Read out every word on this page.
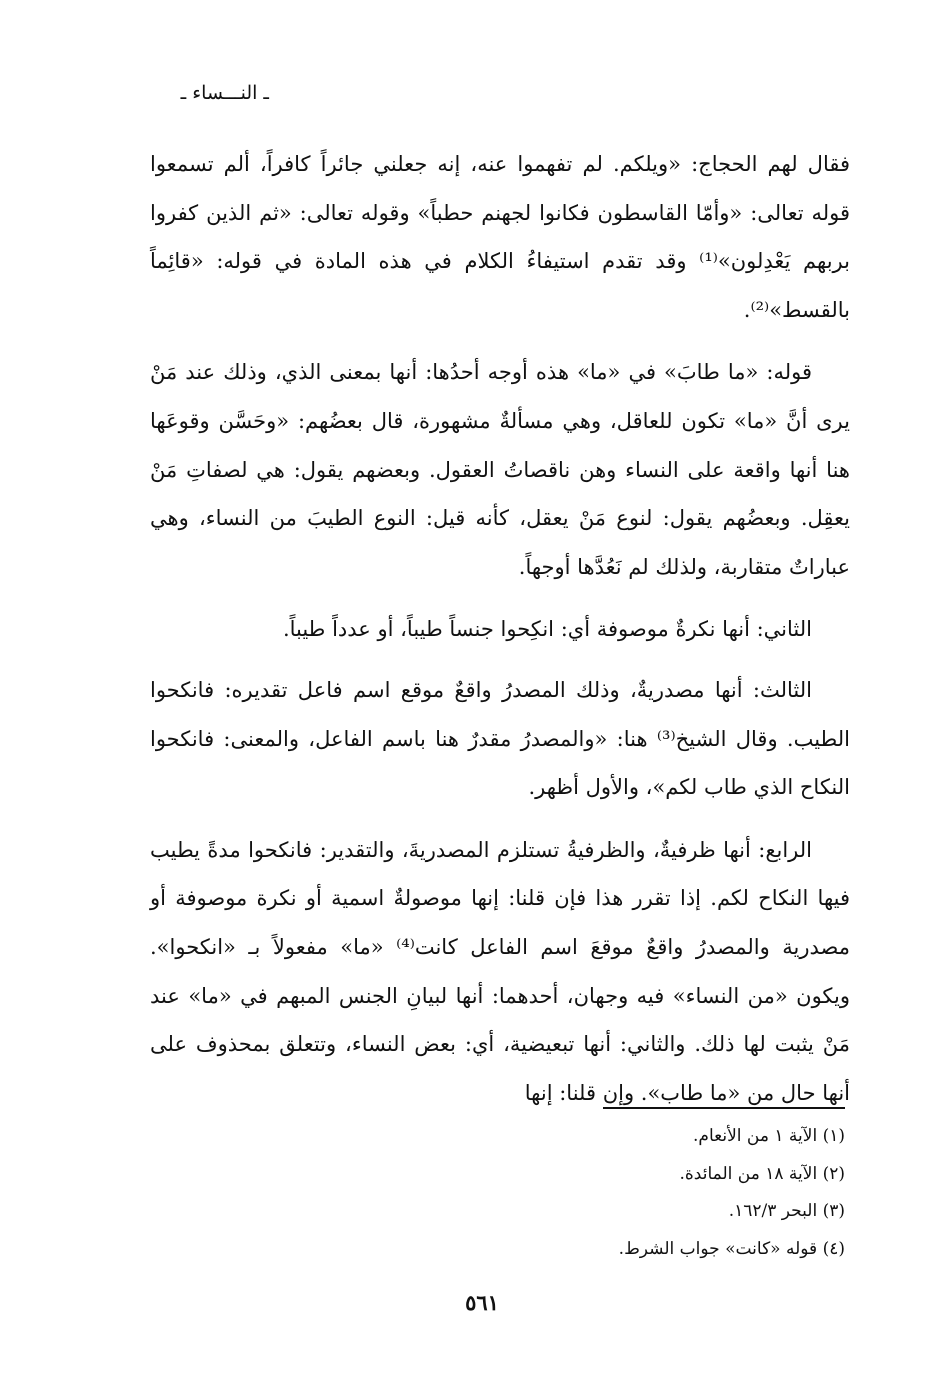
ـ النـــساء ـ

فقال لهم الحجاج: «ويلكم. لم تفهموا عنه، إنه جعلني جائراً كافراً، ألم تسمعوا قوله تعالى: «وأمّا القاسطون فكانوا لجهنم حطباً» وقوله تعالى: «ثم الذين كفروا بربهم يَعْدِلون»⁽¹⁾ وقد تقدم استيفاءُ الكلام في هذه المادة في قوله: «قائِماً بالقسط»⁽²⁾.

قوله: «ما طابَ» في «ما» هذه أوجه أحدُها: أنها بمعنى الذي، وذلك عند مَنْ يرى أنَّ «ما» تكون للعاقل، وهي مسألةٌ مشهورة، قال بعضُهم: «وحَسَّن وقوعَها هنا أنها واقعة على النساء وهن ناقصاتُ العقول. وبعضهم يقول: هي لصفاتِ مَنْ يعقِل. وبعضُهم يقول: لنوع مَنْ يعقل، كأنه قيل: النوع الطيبَ من النساء، وهي عباراتٌ متقاربة، ولذلك لم نَعُدَّها أوجهاً.

الثاني: أنها نكرةٌ موصوفة أي: انكِحوا جنساً طيباً، أو عدداً طيباً.

الثالث: أنها مصدريةٌ، وذلك المصدرُ واقعٌ موقع اسم فاعل تقديره: فانكحوا الطيب. وقال الشيخ⁽³⁾ هنا: «والمصدرُ مقدرٌ هنا باسم الفاعل، والمعنى: فانكحوا النكاح الذي طاب لكم»، والأول أظهر.

الرابع: أنها ظرفيةٌ، والظرفيةُ تستلزم المصدريةَ، والتقدير: فانكحوا مدةً يطيب فيها النكاح لكم. إذا تقرر هذا فإن قلنا: إنها موصولةٌ اسمية أو نكرة موصوفة أو مصدرية والمصدرُ واقعٌ موقعَ اسم الفاعل كانت⁽⁴⁾ «ما» مفعولاً بـ «انكحوا». ويكون «من النساء» فيه وجهان، أحدهما: أنها لبيانِ الجنس المبهم في «ما» عند مَنْ يثبت لها ذلك. والثاني: أنها تبعيضية، أي: بعض النساء، وتتعلق بمحذوف على أنها حال من «ما طاب». وإن قلنا: إنها

(١) الآية ١ من الأنعام.
(٢) الآية ١٨ من المائدة.
(٣) البحر ١٦٢/٣.
(٤) قوله «كانت» جواب الشرط.
٥٦١
